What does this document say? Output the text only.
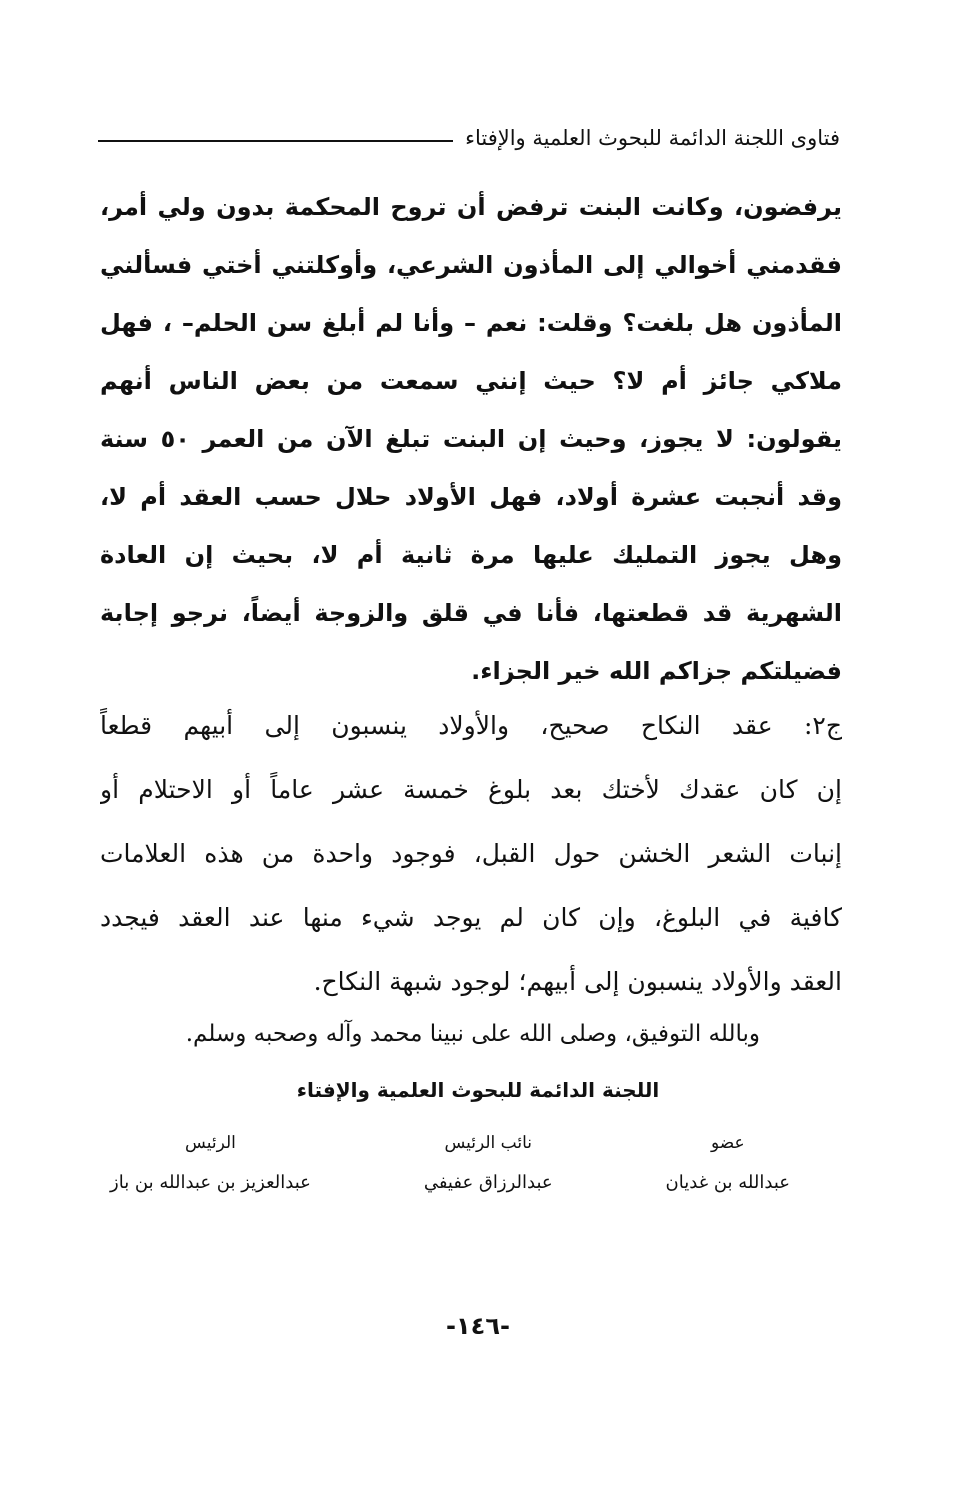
فتاوى اللجنة الدائمة للبحوث العلمية والإفتاء
يرفضون، وكانت البنت ترفض أن تروح المحكمة بدون ولي أمر،
فقدمني أخوالي إلى المأذون الشرعي، وأوكلتني أختي فسألني
المأذون هل بلغت؟ وقلت: نعم – وأنا لم أبلغ سن الحلم– ، فهل
ملاكي جائز أم لا؟ حيث إنني سمعت من بعض الناس أنهم
يقولون: لا يجوز، وحيث إن البنت تبلغ الآن من العمر ٥٠ سنة
وقد أنجبت عشرة أولاد، فهل الأولاد حلال حسب العقد أم لا،
وهل يجوز التمليك عليها مرة ثانية أم لا، بحيث إن العادة
الشهرية قد قطعتها، فأنا في قلق والزوجة أيضاً، نرجو إجابة
فضيلتكم جزاكم الله خير الجزاء.
ج٢: عقد النكاح صحيح، والأولاد ينسبون إلى أبيهم قطعاً
إن كان عقدك لأختك بعد بلوغ خمسة عشر عاماً أو الاحتلام أو
إنبات الشعر الخشن حول القبل، فوجود واحدة من هذه العلامات
كافية في البلوغ، وإن كان لم يوجد شيء منها عند العقد فيجدد
العقد والأولاد ينسبون إلى أبيهم؛ لوجود شبهة النكاح.
وبالله التوفيق، وصلى الله على نبينا محمد وآله وصحبه وسلم.
اللجنة الدائمة للبحوث العلمية والإفتاء
عضو
عبدالله بن غديان
نائب الرئيس
عبدالرزاق عفيفي
الرئيس
عبدالعزيز بن عبدالله بن باز
-١٤٦-
